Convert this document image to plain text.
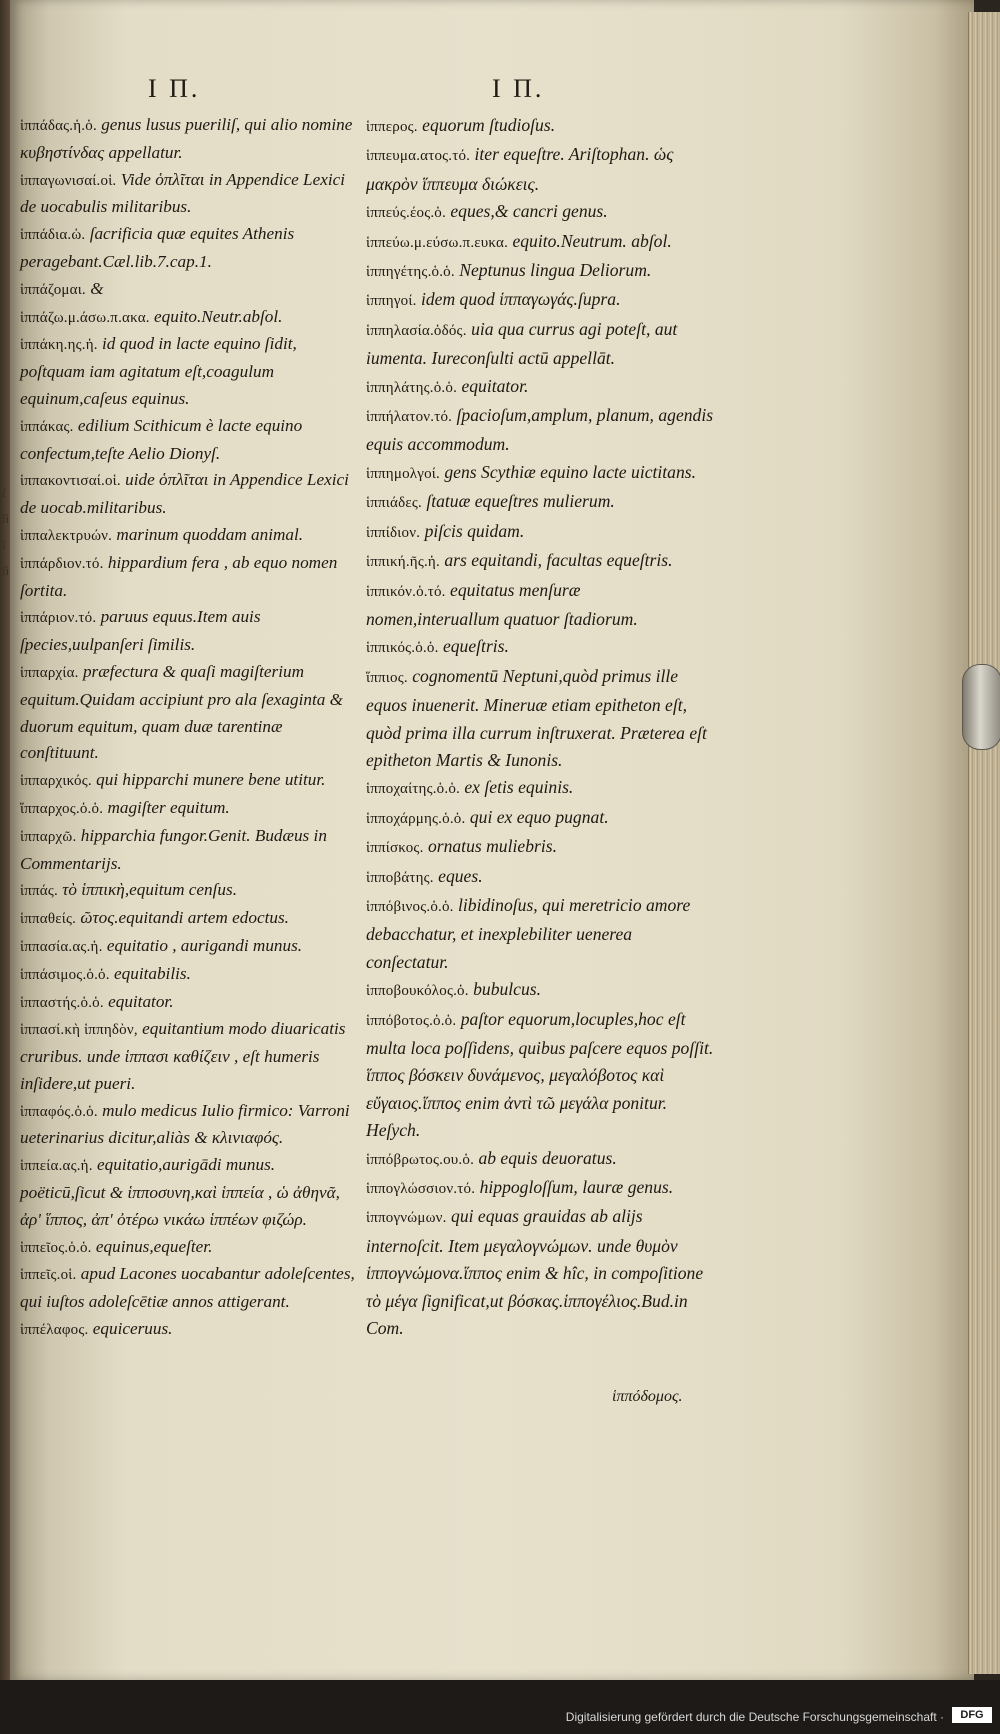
ſ
ſi
ſ
ſi
I Π.	I Π.

ἱππάδας.ἡ.ὁ. genus lusus pueriliſ, qui alio nomine κυβηστίνδας appellatur.

ἱππαγωνισαί.οἱ. Vide ὁπλῖται in Appendice Lexici de uocabulis militaribus.

ἱππάδια.ὡ. ſacrificia quæ equites Athenis peragebant.Cæl.lib.7.cap.1.

ἱππάζομαι. &

ἱππάζω.μ.άσω.π.ακα. equito.Neutr.abſol.

ἱππάκη.ης.ἡ. id quod in lacte equino ſidit, poſtquam iam agitatum eſt,coagulum equinum,caſeus equinus.

ἱππάκας. edilium Scithicum è lacte equino confectum,teſte Aelio Dionyſ.

ἱππακοντισαί.οἱ. uide ὁπλῖται in Appendice Lexici de uocab.militaribus.

ἱππαλεκτρυών. marinum quoddam animal.

ἱππάρδιον.τό. hippardium fera , ab equo nomen ſortita.

ἱππάριον.τό. paruus equus.Item auis ſpecies,uulpanſeri ſimilis.

ἱππαρχία. præfectura & quaſi magiſterium equitum.Quidam accipiunt pro ala ſexaginta & duorum equitum, quam duæ tarentinæ conſtituunt.

ἱππαρχικός. qui hipparchi munere bene utitur.

ἵππαρχος.ὁ.ὁ. magiſter equitum.

ἱππαρχῶ. hipparchia fungor.Genit. Budæus in Commentarijs.

ἱππάς. τὸ ἱππικὴ,equitum cenſus.

ἱππαθείς. ῶτος.equitandi artem edoctus.

ἱππασία.ας.ἡ. equitatio , aurigandi munus.

ἱππάσιμος.ὁ.ὁ. equitabilis.

ἱππαστής.ὁ.ὁ. equitator.

ἱππασί.κὴ ἱππηδὸν, equitantium modo diuaricatis cruribus. unde ἱππασι καθίζειν , eſt humeris inſidere,ut pueri.

ἱππαφός.ὁ.ὁ. mulo medicus Iulio firmico: Varroni ueterinarius dicitur,aliàs & κλινιαφός.

ἱππεία.ας.ἡ. equitatio,aurigādi munus. poëticū,ſicut & ἱπποσυνη,καὶ ἱππεία , ὡ ἀθηνᾶ, ἀρ' ἵππος, ἀπ' ὀτέρω νικάω ἱππέων φιζώρ.

ἱππεῖος.ὁ.ὁ. equinus,equeſter.

ἱππεῖς.οἱ. apud Lacones uocabantur adoleſcentes, qui iuſtos adoleſcētiæ annos attigerant.

ἱππέλαφος. equiceruus.

ἱππερος. equorum ſtudioſus.

ἱππευμα.ατος.τό. iter equeſtre. Ariſtophan. ὡς μακρὸν ἵππευμα διώκεις.

ἱππεύς.έος.ὁ. eques,& cancri genus.

ἱππεύω.μ.εύσω.π.ευκα. equito.Neutrum. abſol.

ἱππηγέτης.ὁ.ὁ. Neptunus lingua Deliorum.

ἱππηγοί. idem quod ἱππαγωγάς.ſupra.

ἱππηλασία.ὁδός. uia qua currus agi poteſt, aut iumenta. Iureconſulti actū appellāt.

ἱππηλάτης.ὁ.ὁ. equitator.

ἱππήλατον.τό. ſpacioſum,amplum, planum, agendis equis accommodum.

ἱππημολγοί. gens Scythiæ equino lacte uictitans.

ἱππιάδες. ſtatuæ equeſtres mulierum.

ἱππίδιον. piſcis quidam.

ἱππική.ῆς.ἡ. ars equitandi, facultas equeſtris.

ἱππικόν.ὁ.τό. equitatus menſuræ nomen,interuallum quatuor ſtadiorum.

ἱππικός.ὁ.ὁ. equeſtris.

ἵππιος. cognomentū Neptuni,quòd primus ille equos inuenerit. Mineruæ etiam epitheton eſt, quòd prima illa currum inſtruxerat. Præterea eſt epitheton Martis & Iunonis.

ἱπποχαίτης.ὁ.ὁ. ex ſetis equinis.

ἱπποχάρμης.ὁ.ὁ. qui ex equo pugnat.

ἱππίσκος. ornatus muliebris.

ἱπποβάτης. eques.

ἱππόβινος.ὁ.ὁ. libidinoſus, qui meretricio amore debacchatur, et inexplebiliter uenerea conſectatur.

ἱπποβουκόλος.ὁ. bubulcus.

ἱππόβοτος.ὁ.ὁ. paſtor equorum,locuples,hoc eſt multa loca poſſidens, quibus paſcere equos poſſit. ἵππος βόσκειν δυνάμενος, μεγαλόβοτος καὶ εὔγαιος.ἵππος enim ἀντὶ τῶ μεγάλα ponitur. Heſych.

ἱππόβρωτος.ου.ὁ. ab equis deuoratus.

ἱππογλώσσιον.τό. hippogloſſum, lauræ genus.

ἱππογνώμων. qui equas grauidas ab alijs internoſcit. Item μεγαλογνώμων. unde θυμὸν ἱππογνώμονα.ἵππος enim & hîc, in compoſitione τὸ μέγα ſignificat,ut βόσκας.ἱππογέλιος.Bud.in Com.

ἱππόδομος.
Digitalisierung gefördert durch die Deutsche Forschungsgemeinschaft ·	DFG
